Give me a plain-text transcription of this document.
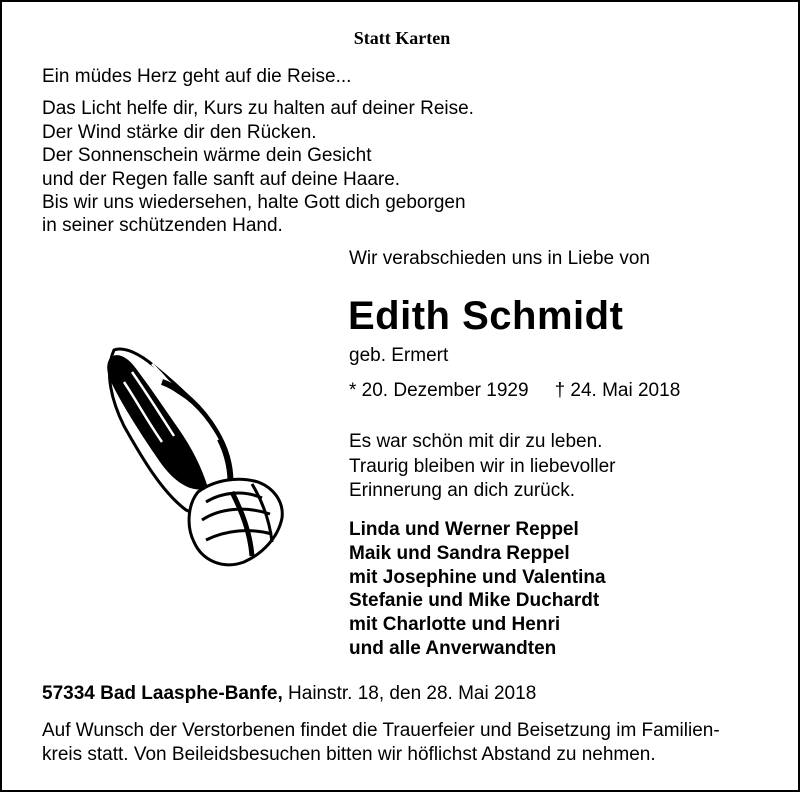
Statt Karten
Ein müdes Herz geht auf die Reise...
Das Licht helfe dir, Kurs zu halten auf deiner Reise.
Der Wind stärke dir den Rücken.
Der Sonnenschein wärme dein Gesicht
und der Regen falle sanft auf deine Haare.
Bis wir uns wiedersehen, halte Gott dich geborgen
in seiner schützenden Hand.
Wir verabschieden uns in Liebe von
Edith Schmidt
geb. Ermert
* 20. Dezember 1929 † 24. Mai 2018
Es war schön mit dir zu leben.
Traurig bleiben wir in liebevoller
Erinnerung an dich zurück.
Linda und Werner Reppel
Maik und Sandra Reppel
mit Josephine und Valentina
Stefanie und Mike Duchardt
mit Charlotte und Henri
und alle Anverwandten
57334 Bad Laasphe-Banfe, Hainstr. 18, den 28. Mai 2018
Auf Wunsch der Verstorbenen findet die Trauerfeier und Beisetzung im Familien-
kreis statt. Von Beileidsbesuchen bitten wir höflichst Abstand zu nehmen.
